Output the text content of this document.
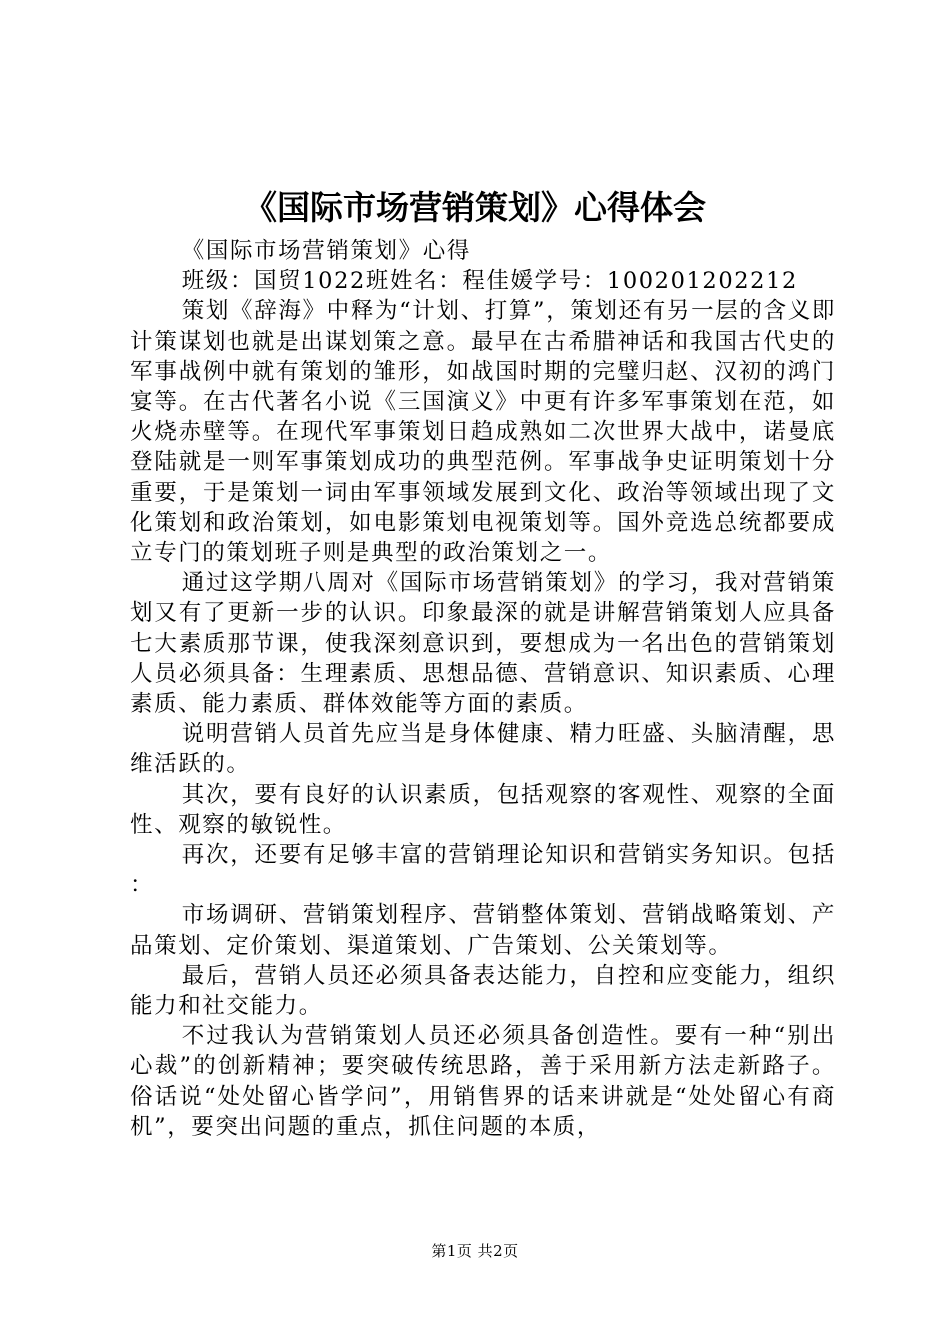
《国际市场营销策划》心得体会

《国际市场营销策划》心得

班级：国贸1022班姓名：程佳媛学号：100201202212

策划《辞海》中释为“计划、打算”，策划还有另一层的含义即计策谋划也就是出谋划策之意。最早在古希腊神话和我国古代史的军事战例中就有策划的雏形，如战国时期的完璧归赵、汉初的鸿门宴等。在古代著名小说《三国演义》中更有许多军事策划在范，如火烧赤壁等。在现代军事策划日趋成熟如二次世界大战中，诺曼底登陆就是一则军事策划成功的典型范例。军事战争史证明策划十分重要，于是策划一词由军事领域发展到文化、政治等领域出现了文化策划和政治策划，如电影策划电视策划等。国外竞选总统都要成立专门的策划班子则是典型的政治策划之一。

通过这学期八周对《国际市场营销策划》的学习，我对营销策划又有了更新一步的认识。印象最深的就是讲解营销策划人应具备七大素质那节课，使我深刻意识到，要想成为一名出色的营销策划人员必须具备：生理素质、思想品德、营销意识、知识素质、心理素质、能力素质、群体效能等方面的素质。

说明营销人员首先应当是身体健康、精力旺盛、头脑清醒，思维活跃的。

其次，要有良好的认识素质，包括观察的客观性、观察的全面性、观察的敏锐性。

再次，还要有足够丰富的营销理论知识和营销实务知识。包括：

市场调研、营销策划程序、营销整体策划、营销战略策划、产品策划、定价策划、渠道策划、广告策划、公关策划等。

最后，营销人员还必须具备表达能力，自控和应变能力，组织能力和社交能力。

不过我认为营销策划人员还必须具备创造性。要有一种“别出心裁”的创新精神；要突破传统思路，善于采用新方法走新路子。俗话说“处处留心皆学问”，用销售界的话来讲就是“处处留心有商机”，要突出问题的重点，抓住问题的本质，

第1页 共2页
